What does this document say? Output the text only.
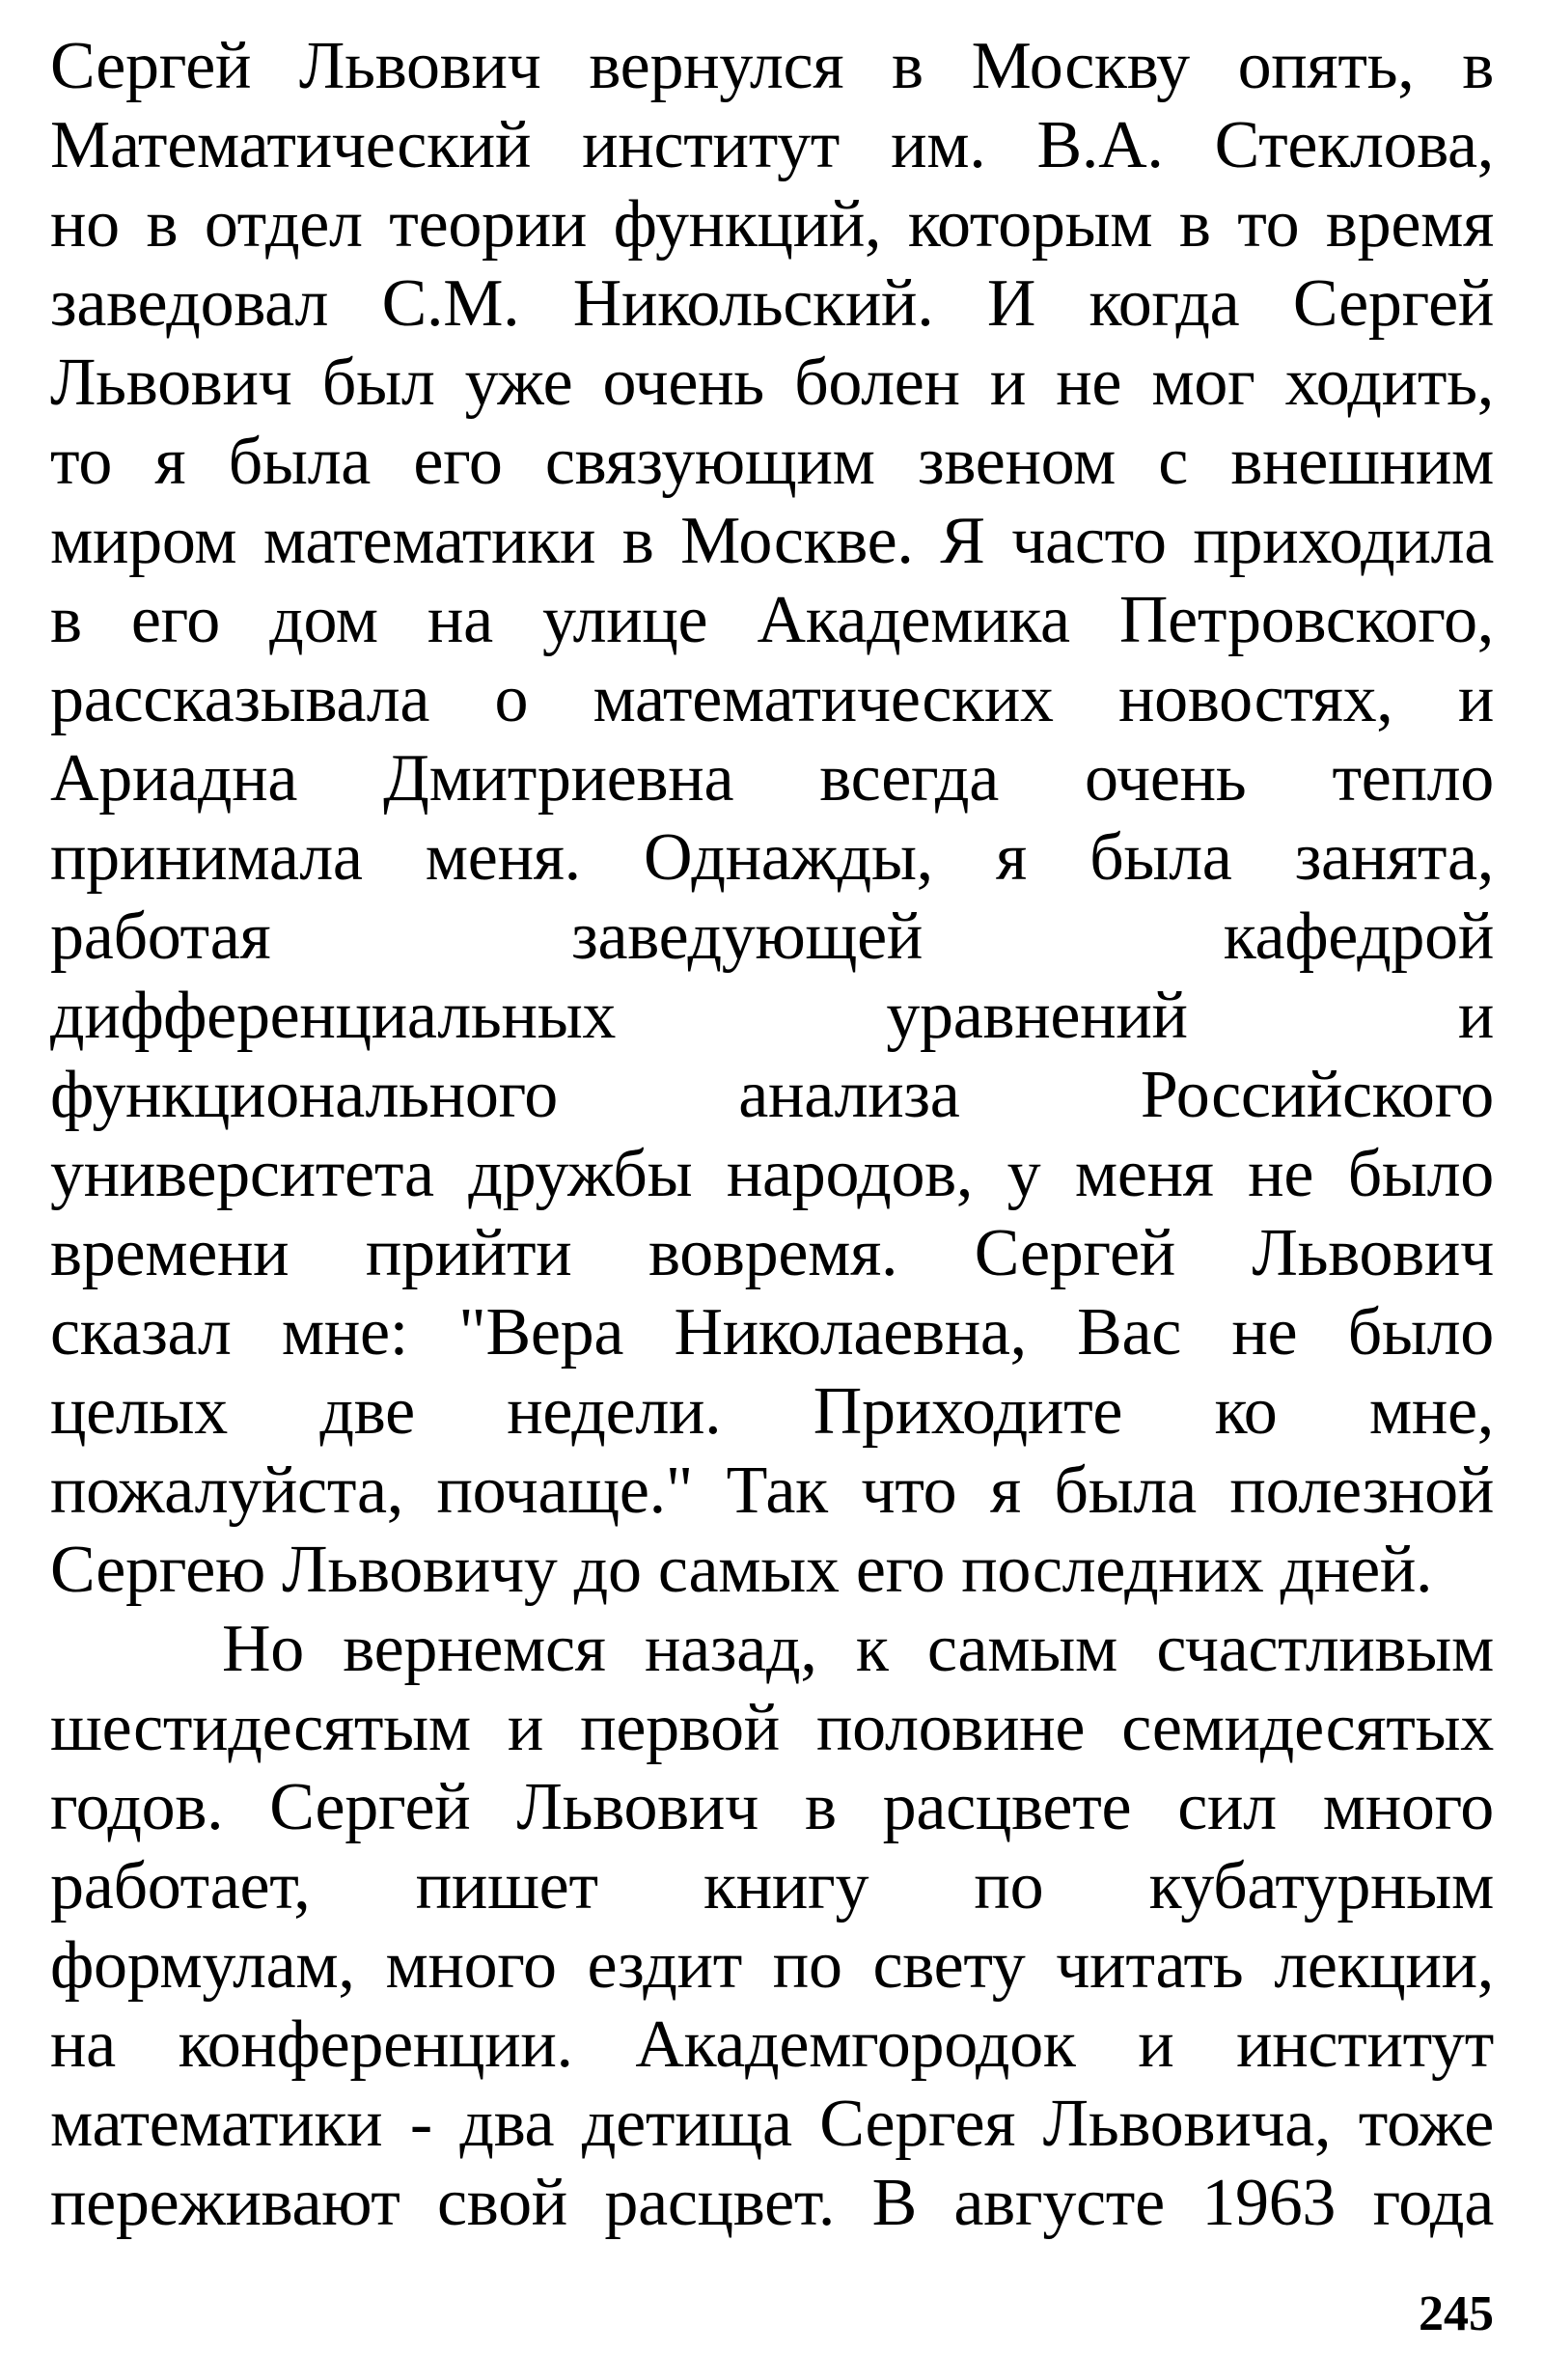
Сергей Львович вернулся в Москву опять, в
Математический институт им. В.А. Стеклова,
но в отдел теории функций, которым в то время
заведовал С.М. Никольский. И когда Сергей
Львович был уже очень болен и не мог ходить,
то я была его связующим звеном с внешним
миром математики в Москве. Я часто приходила
в его дом на улице Академика Петровского,
рассказывала о математических новостях, и
Ариадна Дмитриевна всегда очень тепло
принимала меня. Однажды, я была занята,
работая заведующей кафедрой
дифференциальных уравнений и
функционального анализа Российского
университета дружбы народов, у меня не было
времени прийти вовремя. Сергей Львович
сказал мне: "Вера Николаевна, Вас не было
целых две недели. Приходите ко мне,
пожалуйста, почаще." Так что я была полезной
Сергею Львовичу до самых его последних дней.
Но вернемся назад, к самым счастливым
шестидесятым и первой половине семидесятых
годов. Сергей Львович в расцвете сил много
работает, пишет книгу по кубатурным
формулам, много ездит по свету читать лекции,
на конференции. Академгородок и институт
математики - два детища Сергея Львовича, тоже
переживают свой расцвет. В августе 1963 года
245
